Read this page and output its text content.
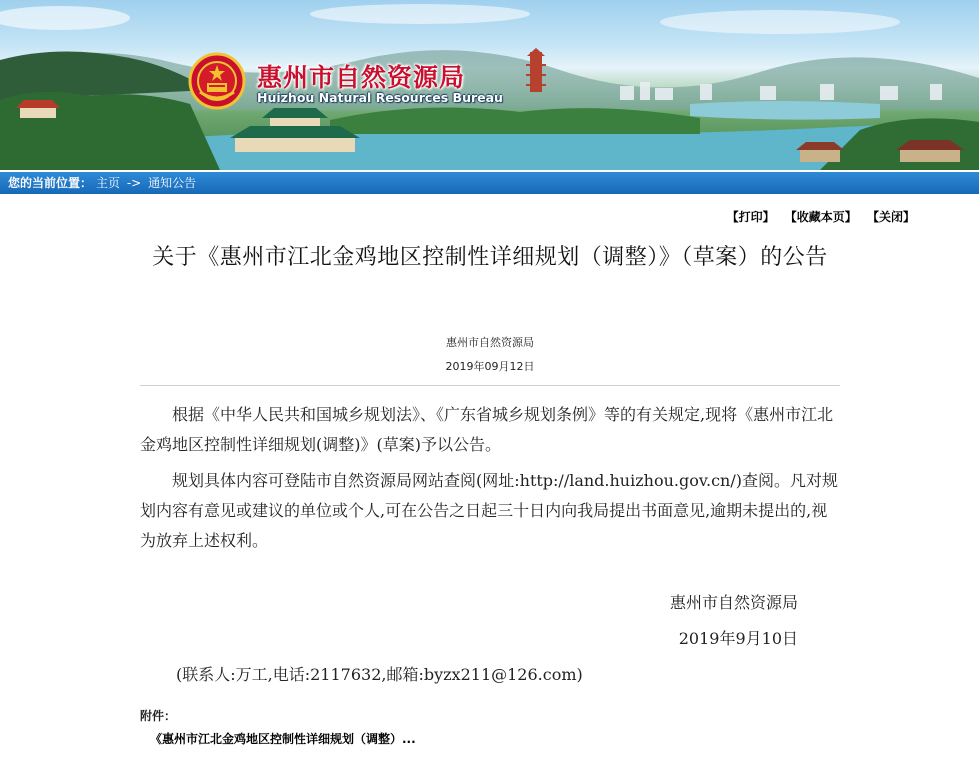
惠州市自然资源局
Huizhou Natural Resources Bureau
您的当前位置： 主页 -> 通知公告
【打印】 【收藏本页】 【关闭】
关于《惠州市江北金鸡地区控制性详细规划（调整）》（草案）的公告
惠州市自然资源局
2019年09月12日

根据《中华人民共和国城乡规划法》、《广东省城乡规划条例》等的有关规定,现将《惠州市江北金鸡地区控制性详细规划(调整)》(草案)予以公告。

规划具体内容可登陆市自然资源局网站查阅(网址:http://land.huizhou.gov.cn/)查阅。凡对规划内容有意见或建议的单位或个人,可在公告之日起三十日内向我局提出书面意见,逾期未提出的,视为放弃上述权利。

惠州市自然资源局
2019年9月10日
(联系人:万工,电话:2117632,邮箱:byzx211@126.com)
附件：
《惠州市江北金鸡地区控制性详细规划（调整）...
